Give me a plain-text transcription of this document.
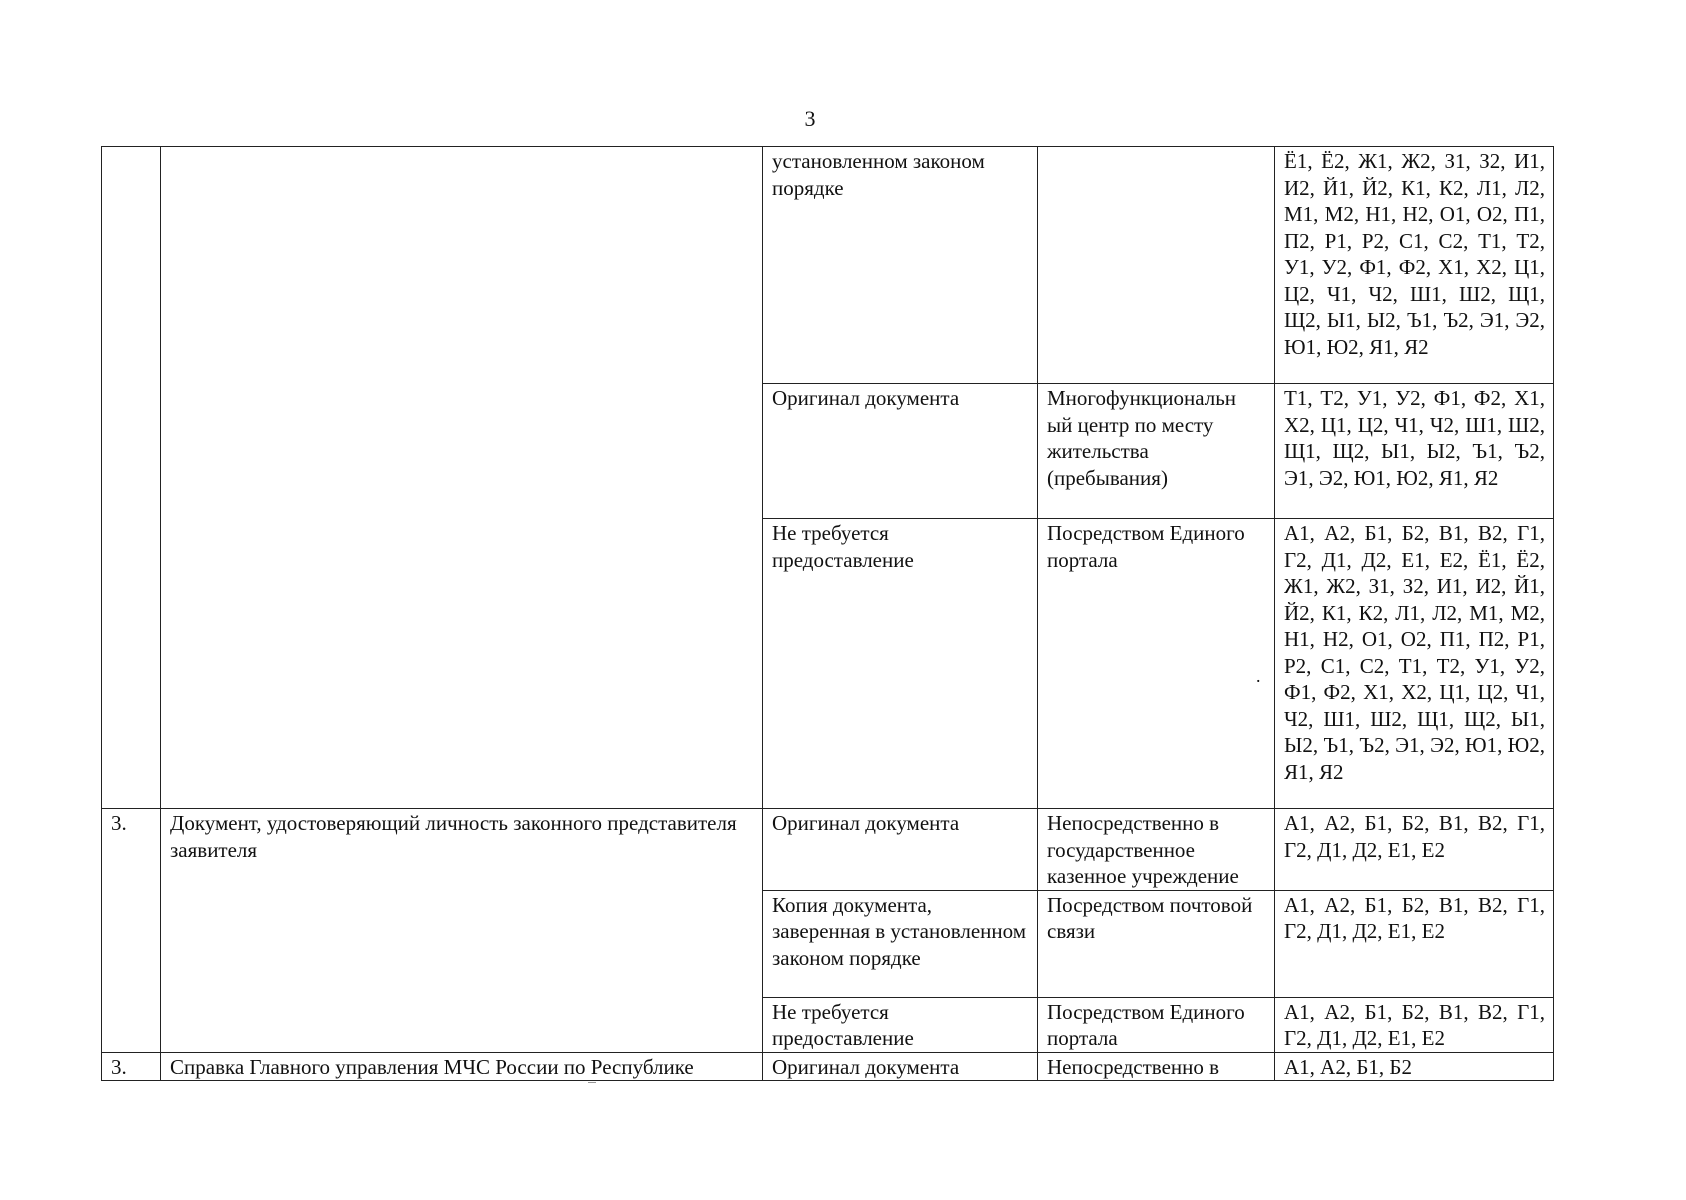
3
		установленном законом порядке		Ё1, Ё2, Ж1, Ж2, З1, З2, И1, И2, Й1, Й2, К1, К2, Л1, Л2, М1, М2, Н1, Н2, О1, О2, П1, П2, Р1, Р2, С1, С2, Т1, Т2, У1, У2, Ф1, Ф2, Х1, Х2, Ц1, Ц2, Ч1, Ч2, Ш1, Ш2, Щ1, Щ2, Ы1, Ы2, Ъ1, Ъ2, Э1, Э2, Ю1, Ю2, Я1, Я2
		Оригинал документа	Многофункциональн ый центр по месту жительства (пребывания)	Т1, Т2, У1, У2, Ф1, Ф2, Х1, Х2, Ц1, Ц2, Ч1, Ч2, Ш1, Ш2, Щ1, Щ2, Ы1, Ы2, Ъ1, Ъ2, Э1, Э2, Ю1, Ю2, Я1, Я2
		Не требуется предоставление	Посредством Единого портала	А1, А2, Б1, Б2, В1, В2, Г1, Г2, Д1, Д2, Е1, Е2, Ё1, Ё2, Ж1, Ж2, З1, З2, И1, И2, Й1, Й2, К1, К2, Л1, Л2, М1, М2, Н1, Н2, О1, О2, П1, П2, Р1, Р2, С1, С2, Т1, Т2, У1, У2, Ф1, Ф2, Х1, Х2, Ц1, Ц2, Ч1, Ч2, Ш1, Ш2, Щ1, Щ2, Ы1, Ы2, Ъ1, Ъ2, Э1, Э2, Ю1, Ю2, Я1, Я2
3.	Документ, удостоверяющий личность законного представителя заявителя	Оригинал документа	Непосредственно в государственное казенное учреждение	А1, А2, Б1, Б2, В1, В2, Г1, Г2, Д1, Д2, Е1, Е2
		Копия документа, заверенная в установленном законом порядке	Посредством почтовой связи	А1, А2, Б1, Б2, В1, В2, Г1, Г2, Д1, Д2, Е1, Е2
		Не требуется предоставление	Посредством Единого портала	А1, А2, Б1, Б2, В1, В2, Г1, Г2, Д1, Д2, Е1, Е2
3.	Справка Главного управления МЧС России по Республике	Оригинал документа	Непосредственно в	А1, А2, Б1, Б2
.
